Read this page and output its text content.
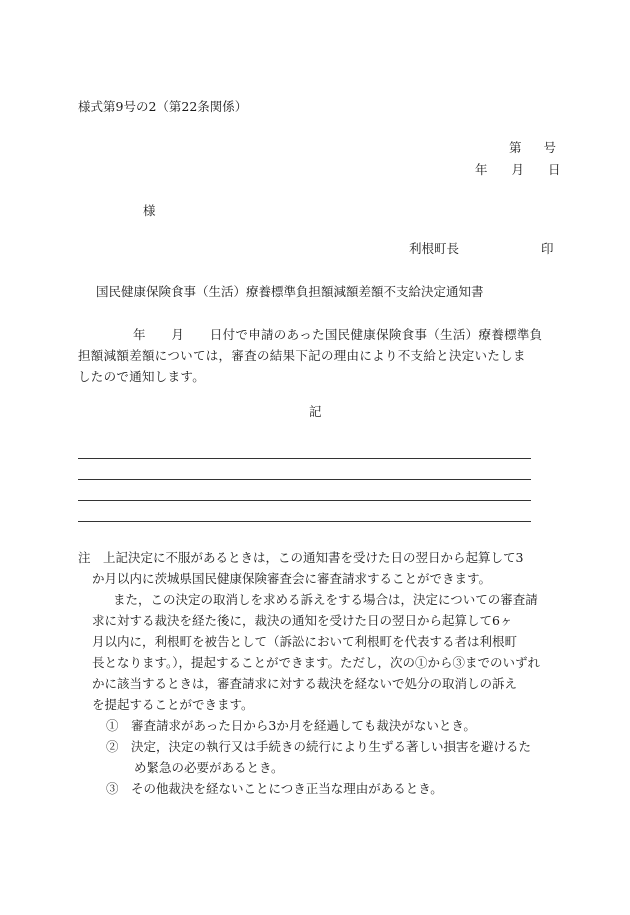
様式第9号の2（第22条関係）
第 号
年 月 日
様
利根町長	印
国民健康保険食事（生活）療養標準負担額減額差額不支給決定通知書
年　　月　　日付で申請のあった国民健康保険食事（生活）療養標準負
担額減額差額については，審査の結果下記の理由により不支給と決定いたしま
したので通知します。
記
注　上記決定に不服があるときは，この通知書を受けた日の翌日から起算して3
か月以内に茨城県国民健康保険審査会に審査請求することができます。
また，この決定の取消しを求める訴えをする場合は，決定についての審査請
求に対する裁決を経た後に，裁決の通知を受けた日の翌日から起算して6ヶ
月以内に，利根町を被告として（訴訟において利根町を代表する者は利根町
長となります。），提起することができます。ただし，次の①から③までのいずれ
かに該当するときは，審査請求に対する裁決を経ないで処分の取消しの訴え
を提起することができます。
①　審査請求があった日から3か月を経過しても裁決がないとき。
②　決定，決定の執行又は手続きの続行により生ずる著しい損害を避けるた
め緊急の必要があるとき。
③　その他裁決を経ないことにつき正当な理由があるとき。
